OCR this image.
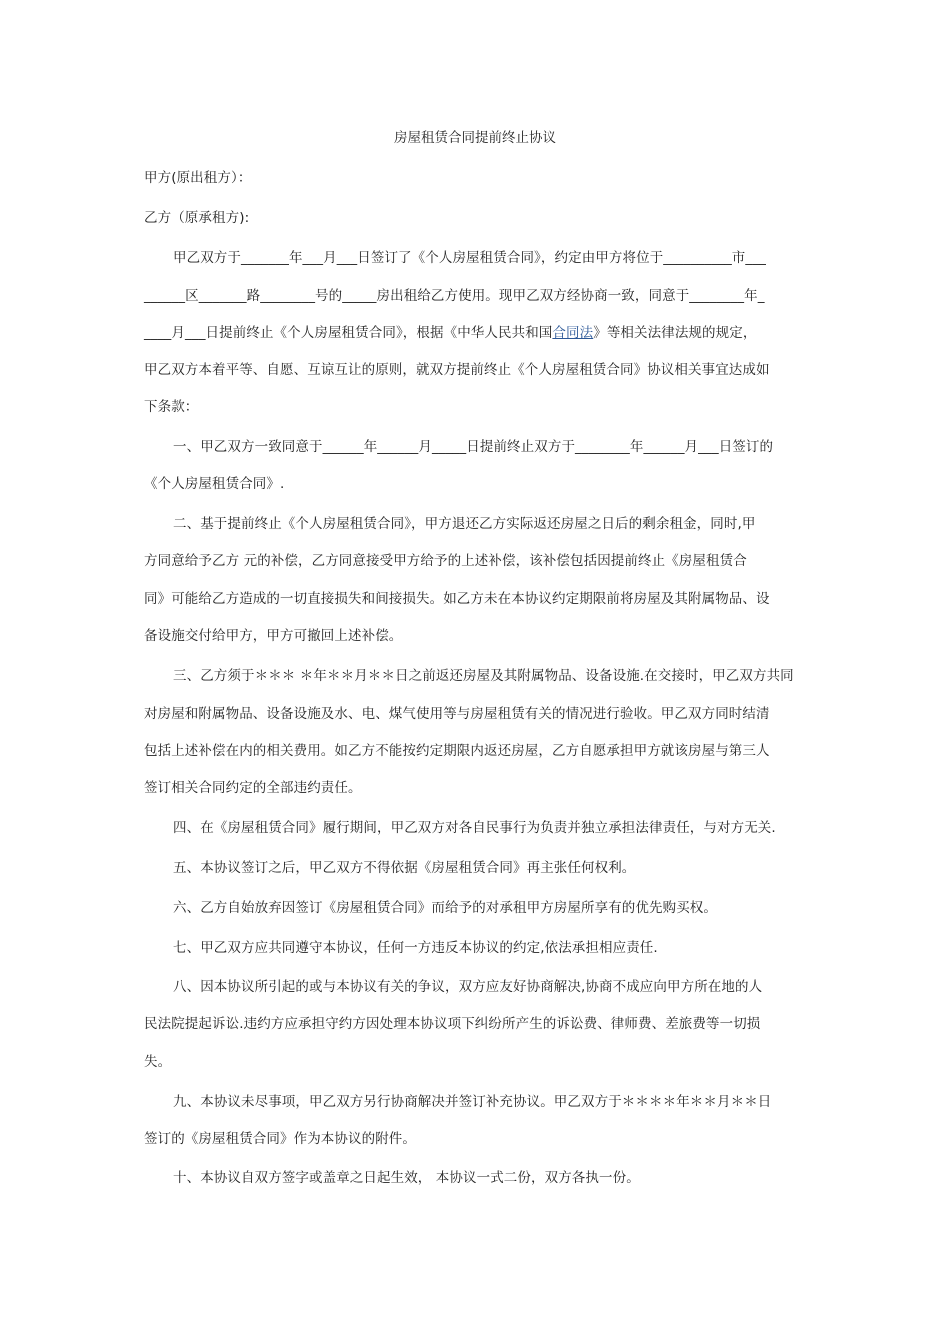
房屋租赁合同提前终止协议
甲方(原出租方）：
乙方（原承租方):
甲乙双方于_______年___月___日签订了《个人房屋租赁合同》，约定由甲方将位于__________市___
______区_______路________号的_____房出租给乙方使用。现甲乙双方经协商一致，同意于________年_
____月___日提前终止《个人房屋租赁合同》，根据《中华人民共和国合同法》等相关法律法规的规定，
甲乙双方本着平等、自愿、互谅互让的原则，就双方提前终止《个人房屋租赁合同》协议相关事宜达成如
下条款：
一、甲乙双方一致同意于______年______月_____日提前终止双方于________年______月___日签订的
《个人房屋租赁合同》.
二、基于提前终止《个人房屋租赁合同》，甲方退还乙方实际返还房屋之日后的剩余租金，同时,甲
方同意给予乙方 元的补偿，乙方同意接受甲方给予的上述补偿，该补偿包括因提前终止《房屋租赁合
同》可能给乙方造成的一切直接损失和间接损失。如乙方未在本协议约定期限前将房屋及其附属物品、设
备设施交付给甲方，甲方可撤回上述补偿。
三、乙方须于＊＊＊ ＊年＊＊月＊＊日之前返还房屋及其附属物品、设备设施.在交接时，甲乙双方共同
对房屋和附属物品、设备设施及水、电、煤气使用等与房屋租赁有关的情况进行验收。甲乙双方同时结清
包括上述补偿在内的相关费用。如乙方不能按约定期限内返还房屋，乙方自愿承担甲方就该房屋与第三人
签订相关合同约定的全部违约责任。
四、在《房屋租赁合同》履行期间，甲乙双方对各自民事行为负责并独立承担法律责任，与对方无关.
五、本协议签订之后，甲乙双方不得依据《房屋租赁合同》再主张任何权利。
六、乙方自始放弃因签订《房屋租赁合同》而给予的对承租甲方房屋所享有的优先购买权。
七、甲乙双方应共同遵守本协议，任何一方违反本协议的约定,依法承担相应责任.
八、因本协议所引起的或与本协议有关的争议，双方应友好协商解决,协商不成应向甲方所在地的人
民法院提起诉讼.违约方应承担守约方因处理本协议项下纠纷所产生的诉讼费、律师费、差旅费等一切损
失。
九、本协议未尽事项，甲乙双方另行协商解决并签订补充协议。甲乙双方于＊＊＊＊年＊＊月＊＊日
签订的《房屋租赁合同》作为本协议的附件。
十、本协议自双方签字或盖章之日起生效， 本协议一式二份，双方各执一份。
